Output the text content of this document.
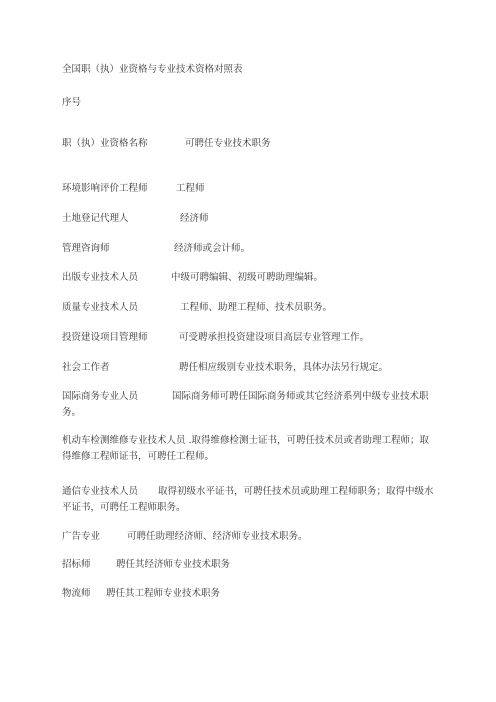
全国职（执）业资格与专业技术资格对照表
序号
职（执）业资格名称	可聘任专业技术职务
环境影响评价工程师	工程师
土地登记代理人	经济师
管理咨询师	经济师或会计师。
出版专业技术人员	中级可聘编辑、初级可聘助理编辑。
质量专业技术人员	工程师、助理工程师、技术员职务。
投资建设项目管理师	可受聘承担投资建设项目高层专业管理工作。
社会工作者	聘任相应级别专业技术职务，具体办法另行规定。
国际商务专业人员	国际商务师可聘任国际商务师或其它经济系列中级专业技术职务。
机动车检测维修专业技术人员 .取得维修检测士证书，可聘任技术员或者助理工程师；取得维修工程师证书，可聘任工程师。
通信专业技术人员 取得初级水平证书，可聘任技术员或助理工程师职务；取得中级水平证书，可聘任工程师职务。
广告专业	可聘任助理经济师、经济师专业技术职务。
招标师	聘任其经济师专业技术职务
物流师 聘任其工程师专业技术职务
